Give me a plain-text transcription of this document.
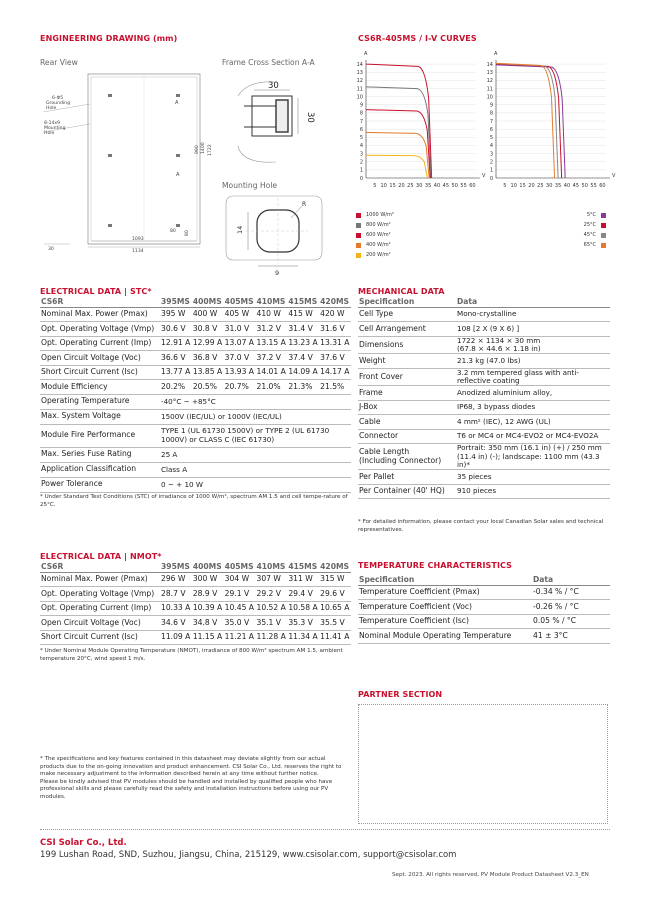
ENGINEERING DRAWING (mm)
Rear View	Frame Cross Section A-A
Mounting Hole
6-Φ5
Grounding
Hole
8-14x9
Mounting
Hole
A
A
1722
1400
990
1093
1134
80 80
30
30
30
R
14
9
CS6R-405MS / I-V CURVES
A
14
13
12
11
10
9
8
7
6
5
4
3
2
1
0
5 10 15 20 25 30 35 40 45 50 55 60
V
A
14
13
12
11
10
9
8
7
6
5
4
3
2
1
0
5 10 15 20 25 30 35 40 45 50 55 60
V
1000 W/m²
800 W/m²
600 W/m²
400 W/m²
200 W/m²
5°C
25°C
45°C
65°C
ELECTRICAL DATA | STC*
CS6R	395MS	400MS	405MS	410MS	415MS	420MS
Nominal Max. Power (Pmax)	395 W	400 W	405 W	410 W	415 W	420 W
Opt. Operating Voltage (Vmp)	30.6 V	30.8 V	31.0 V	31.2 V	31.4 V	31.6 V
Opt. Operating Current (Imp)	12.91 A	12.99 A	13.07 A	13.15 A	13.23 A	13.31 A
Open Circuit Voltage (Voc)	36.6 V	36.8 V	37.0 V	37.2 V	37.4 V	37.6 V
Short Circuit Current (Isc)	13.77 A	13.85 A	13.93 A	14.01 A	14.09 A	14.17 A
Module Efficiency	20.2%	20.5%	20.7%	21.0%	21.3%	21.5%
Operating Temperature	-40°C ~ +85°C					
Max. System Voltage	1500V (IEC/UL) or 1000V (IEC/UL)					
Module Fire Performance	TYPE 1 (UL 61730 1500V) or TYPE 2 (UL 61730 1000V) or CLASS C (IEC 61730)					
Max. Series Fuse Rating	25 A					
Application Classification	Class A					
Power Tolerance	0 ~ + 10 W					
* Under Standard Test Conditions (STC) of irradiance of 1000 W/m², spectrum AM 1.5 and cell tempe-rature of 25°C.
MECHANICAL DATA
Specification	Data
Cell Type	Mono-crystalline
Cell Arrangement	108 [2 X (9 X 6) ]
Dimensions	1722 × 1134 × 30 mm
(67.8 × 44.6 × 1.18 in)
Weight	21.3 kg (47.0 lbs)
Front Cover	3.2 mm tempered glass with anti-reflective coating
Frame	Anodized aluminium alloy,
J-Box	IP68, 3 bypass diodes
Cable	4 mm² (IEC), 12 AWG (UL)
Connector	T6 or MC4 or MC4-EVO2 or MC4-EVO2A
Cable Length
(Including Connector)	Portrait: 350 mm (16.1 in) (+) / 250 mm (11.4 in) (-); landscape: 1100 mm (43.3 in)*
Per Pallet	35 pieces
Per Container (40' HQ)	910 pieces
* For detailed information, please contact your local Canadian Solar sales and technical representatives.
ELECTRICAL DATA | NMOT*
CS6R	395MS	400MS	405MS	410MS	415MS	420MS
Nominal Max. Power (Pmax)	296 W	300 W	304 W	307 W	311 W	315 W
Opt. Operating Voltage (Vmp)	28.7 V	28.9 V	29.1 V	29.2 V	29.4 V	29.6 V
Opt. Operating Current (Imp)	10.33 A	10.39 A	10.45 A	10.52 A	10.58 A	10.65 A
Open Circuit Voltage (Voc)	34.6 V	34.8 V	35.0 V	35.1 V	35.3 V	35.5 V
Short Circuit Current (Isc)	11.09 A	11.15 A	11.21 A	11.28 A	11.34 A	11.41 A
* Under Nominal Module Operating Temperature (NMOT), irradiance of 800 W/m² spectrum AM 1.5, ambient temperature 20°C, wind speed 1 m/s.
TEMPERATURE CHARACTERISTICS
Specification	Data
Temperature Coefficient (Pmax)	-0.34 % / °C
Temperature Coefficient (Voc)	-0.26 % / °C
Temperature Coefficient (Isc)	0.05 % / °C
Nominal Module Operating Temperature	41 ± 3°C
PARTNER SECTION
* The specifications and key features contained in this datasheet may deviate slightly from our actual products due to the on-going innovation and product enhancement. CSI Solar Co., Ltd. reserves the right to make necessary adjustment to the information described herein at any time without further notice.
Please be kindly advised that PV modules should be handled and installed by qualified people who have professional skills and please carefully read the safety and installation instructions before using our PV modules.
CSI Solar Co., Ltd.
199 Lushan Road, SND, Suzhou, Jiangsu, China, 215129, www.csisolar.com, support@csisolar.com
Sept. 2023. All rights reserved, PV Module Product Datasheet V2.3_EN
